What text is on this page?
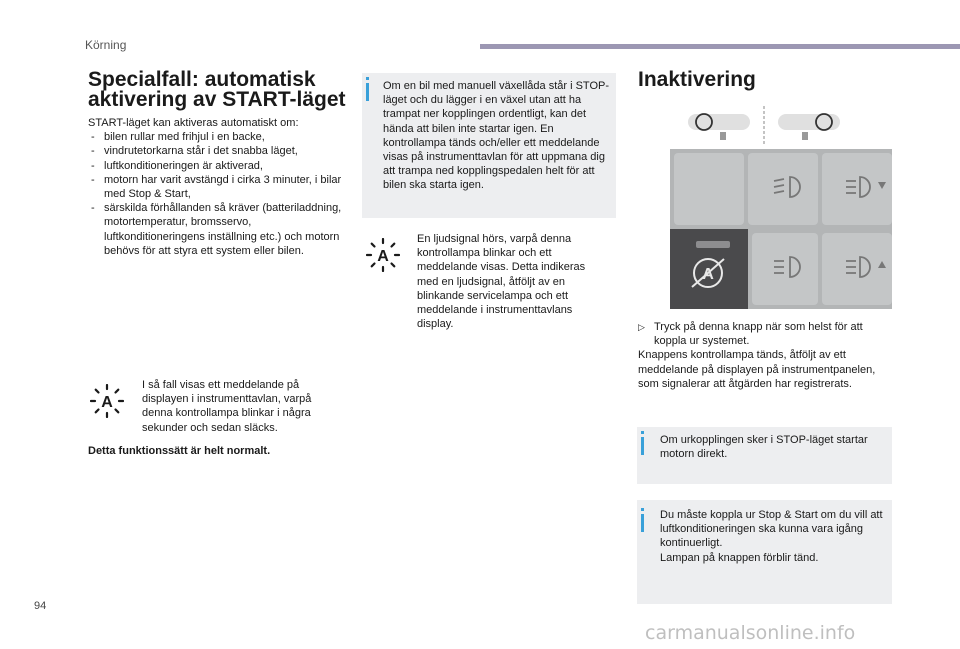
Körning
Specialfall: automatisk
aktivering av START-läget
START-läget kan aktiveras automatiskt om:
- bilen rullar med frihjul i en backe,
- vindrutetorkarna står i det snabba läget,
- luftkonditioneringen är aktiverad,
- motorn har varit avstängd i cirka 3 minuter, i bilar med Stop & Start,
- särskilda förhållanden så kräver (batteriladdning, motortemperatur, bromsservo, luftkonditioneringens inställning etc.) och motorn behövs för att styra ett system eller bilen.
A
I så fall visas ett meddelande på displayen i instrumenttavlan, varpå denna kontrollampa blinkar i några sekunder och sedan släcks.
Detta funktionssätt är helt normalt.
Om en bil med manuell växellåda står i STOP-läget och du lägger i en växel utan att ha trampat ner kopplingen ordentligt, kan det hända att bilen inte startar igen. En kontrollampa tänds och/eller ett meddelande visas på instrumenttavlan för att uppmana dig att trampa ned kopplingspedalen helt för att bilen ska starta igen.
A
En ljudsignal hörs, varpå denna kontrollampa blinkar och ett meddelande visas. Detta indikeras med en ljudsignal, åtföljt av en blinkande servicelampa och ett meddelande i instrumenttavlans display.
Inaktivering
A
▷ Tryck på denna knapp när som helst för att koppla ur systemet.
Knappens kontrollampa tänds, åtföljt av ett meddelande på displayen på instrumentpanelen, som signalerar att åtgärden har registrerats.
Om urkopplingen sker i STOP-läget startar motorn direkt.
Du måste koppla ur Stop & Start om du vill att luftkonditioneringen ska kunna vara igång kontinuerligt.
Lampan på knappen förblir tänd.
94
carmanualsonline.info
